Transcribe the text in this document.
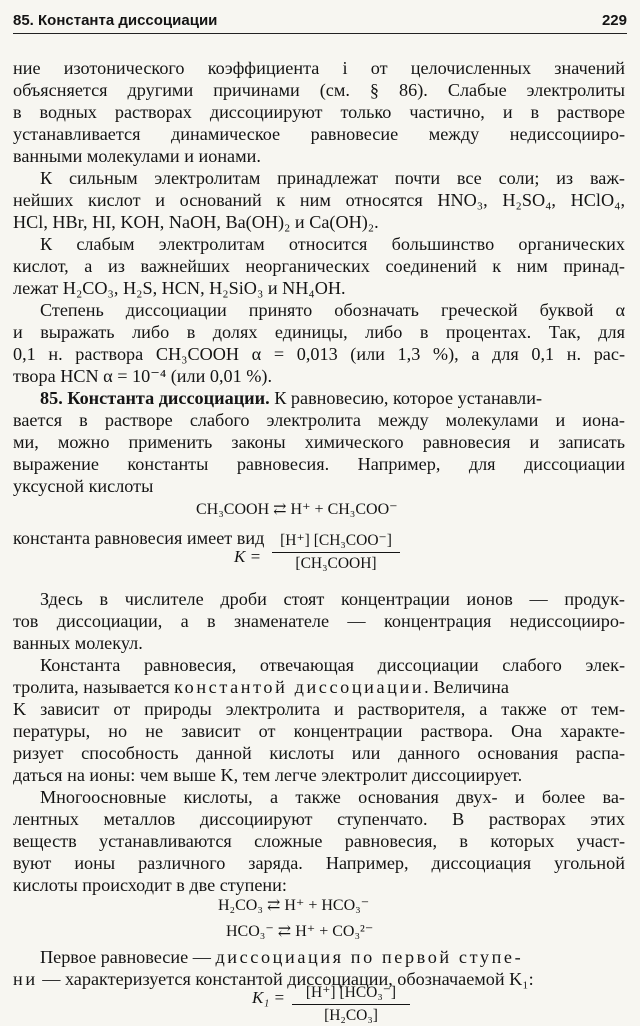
85. Константа диссоциации	229
ние изотонического коэффициента i от целочисленных значений
объясняется другими причинами (см. § 86). Слабые электролиты
в водных растворах диссоциируют только частично, и в растворе
устанавливается динамическое равновесие между недиссоцииро-
ванными молекулами и ионами.
К сильным электролитам принадлежат почти все соли; из важ-
нейших кислот и оснований к ним относятся HNO₃, H₂SO₄, HClO₄,
HCl, HBr, HI, KOH, NaOH, Ba(OH)₂ и Ca(OH)₂.
К слабым электролитам относится большинство органических
кислот, а из важнейших неорганических соединений к ним принад-
лежат H₂CO₃, H₂S, HCN, H₂SiO₃ и NH₄OH.
Степень диссоциации принято обозначать греческой буквой α
и выражать либо в долях единицы, либо в процентах. Так, для
0,1 н. раствора CH₃COOH α = 0,013 (или 1,3 %), а для 0,1 н. рас-
твора HCN α = 10⁻⁴ (или 0,01 %).
85. Константа диссоциации. К равновесию, которое устанавли-
вается в растворе слабого электролита между молекулами и иона-
ми, можно применить законы химического равновесия и записать
выражение константы равновесия. Например, для диссоциации
уксусной кислоты
CH₃COOH ⇄ H⁺ + CH₃COO⁻
константа равновесия имеет вид
K =
[H⁺] [CH₃COO⁻]
[CH₃COOH]
Здесь в числителе дроби стоят концентрации ионов — продук-
тов диссоциации, а в знаменателе — концентрация недиссоцииро-
ванных молекул.
Константа равновесия, отвечающая диссоциации слабого элек-
тролита, называется константой диссоциации. Величина
K зависит от природы электролита и растворителя, а также от тем-
пературы, но не зависит от концентрации раствора. Она характе-
ризует способность данной кислоты или данного основания распа-
даться на ионы: чем выше K, тем легче электролит диссоциирует.
Многоосновные кислоты, а также основания двух- и более ва-
лентных металлов диссоциируют ступенчато. В растворах этих
веществ устанавливаются сложные равновесия, в которых участ-
вуют ионы различного заряда. Например, диссоциация угольной
кислоты происходит в две ступени:
H₂CO₃ ⇄ H⁺ + HCO₃⁻
HCO₃⁻ ⇄ H⁺ + CO₃²⁻
Первое равновесие — диссоциация по первой ступе-
ни — характеризуется константой диссоциации, обозначаемой K₁:
K₁ =	[H⁺] [HCO₃⁻]
[H₂CO₃]
